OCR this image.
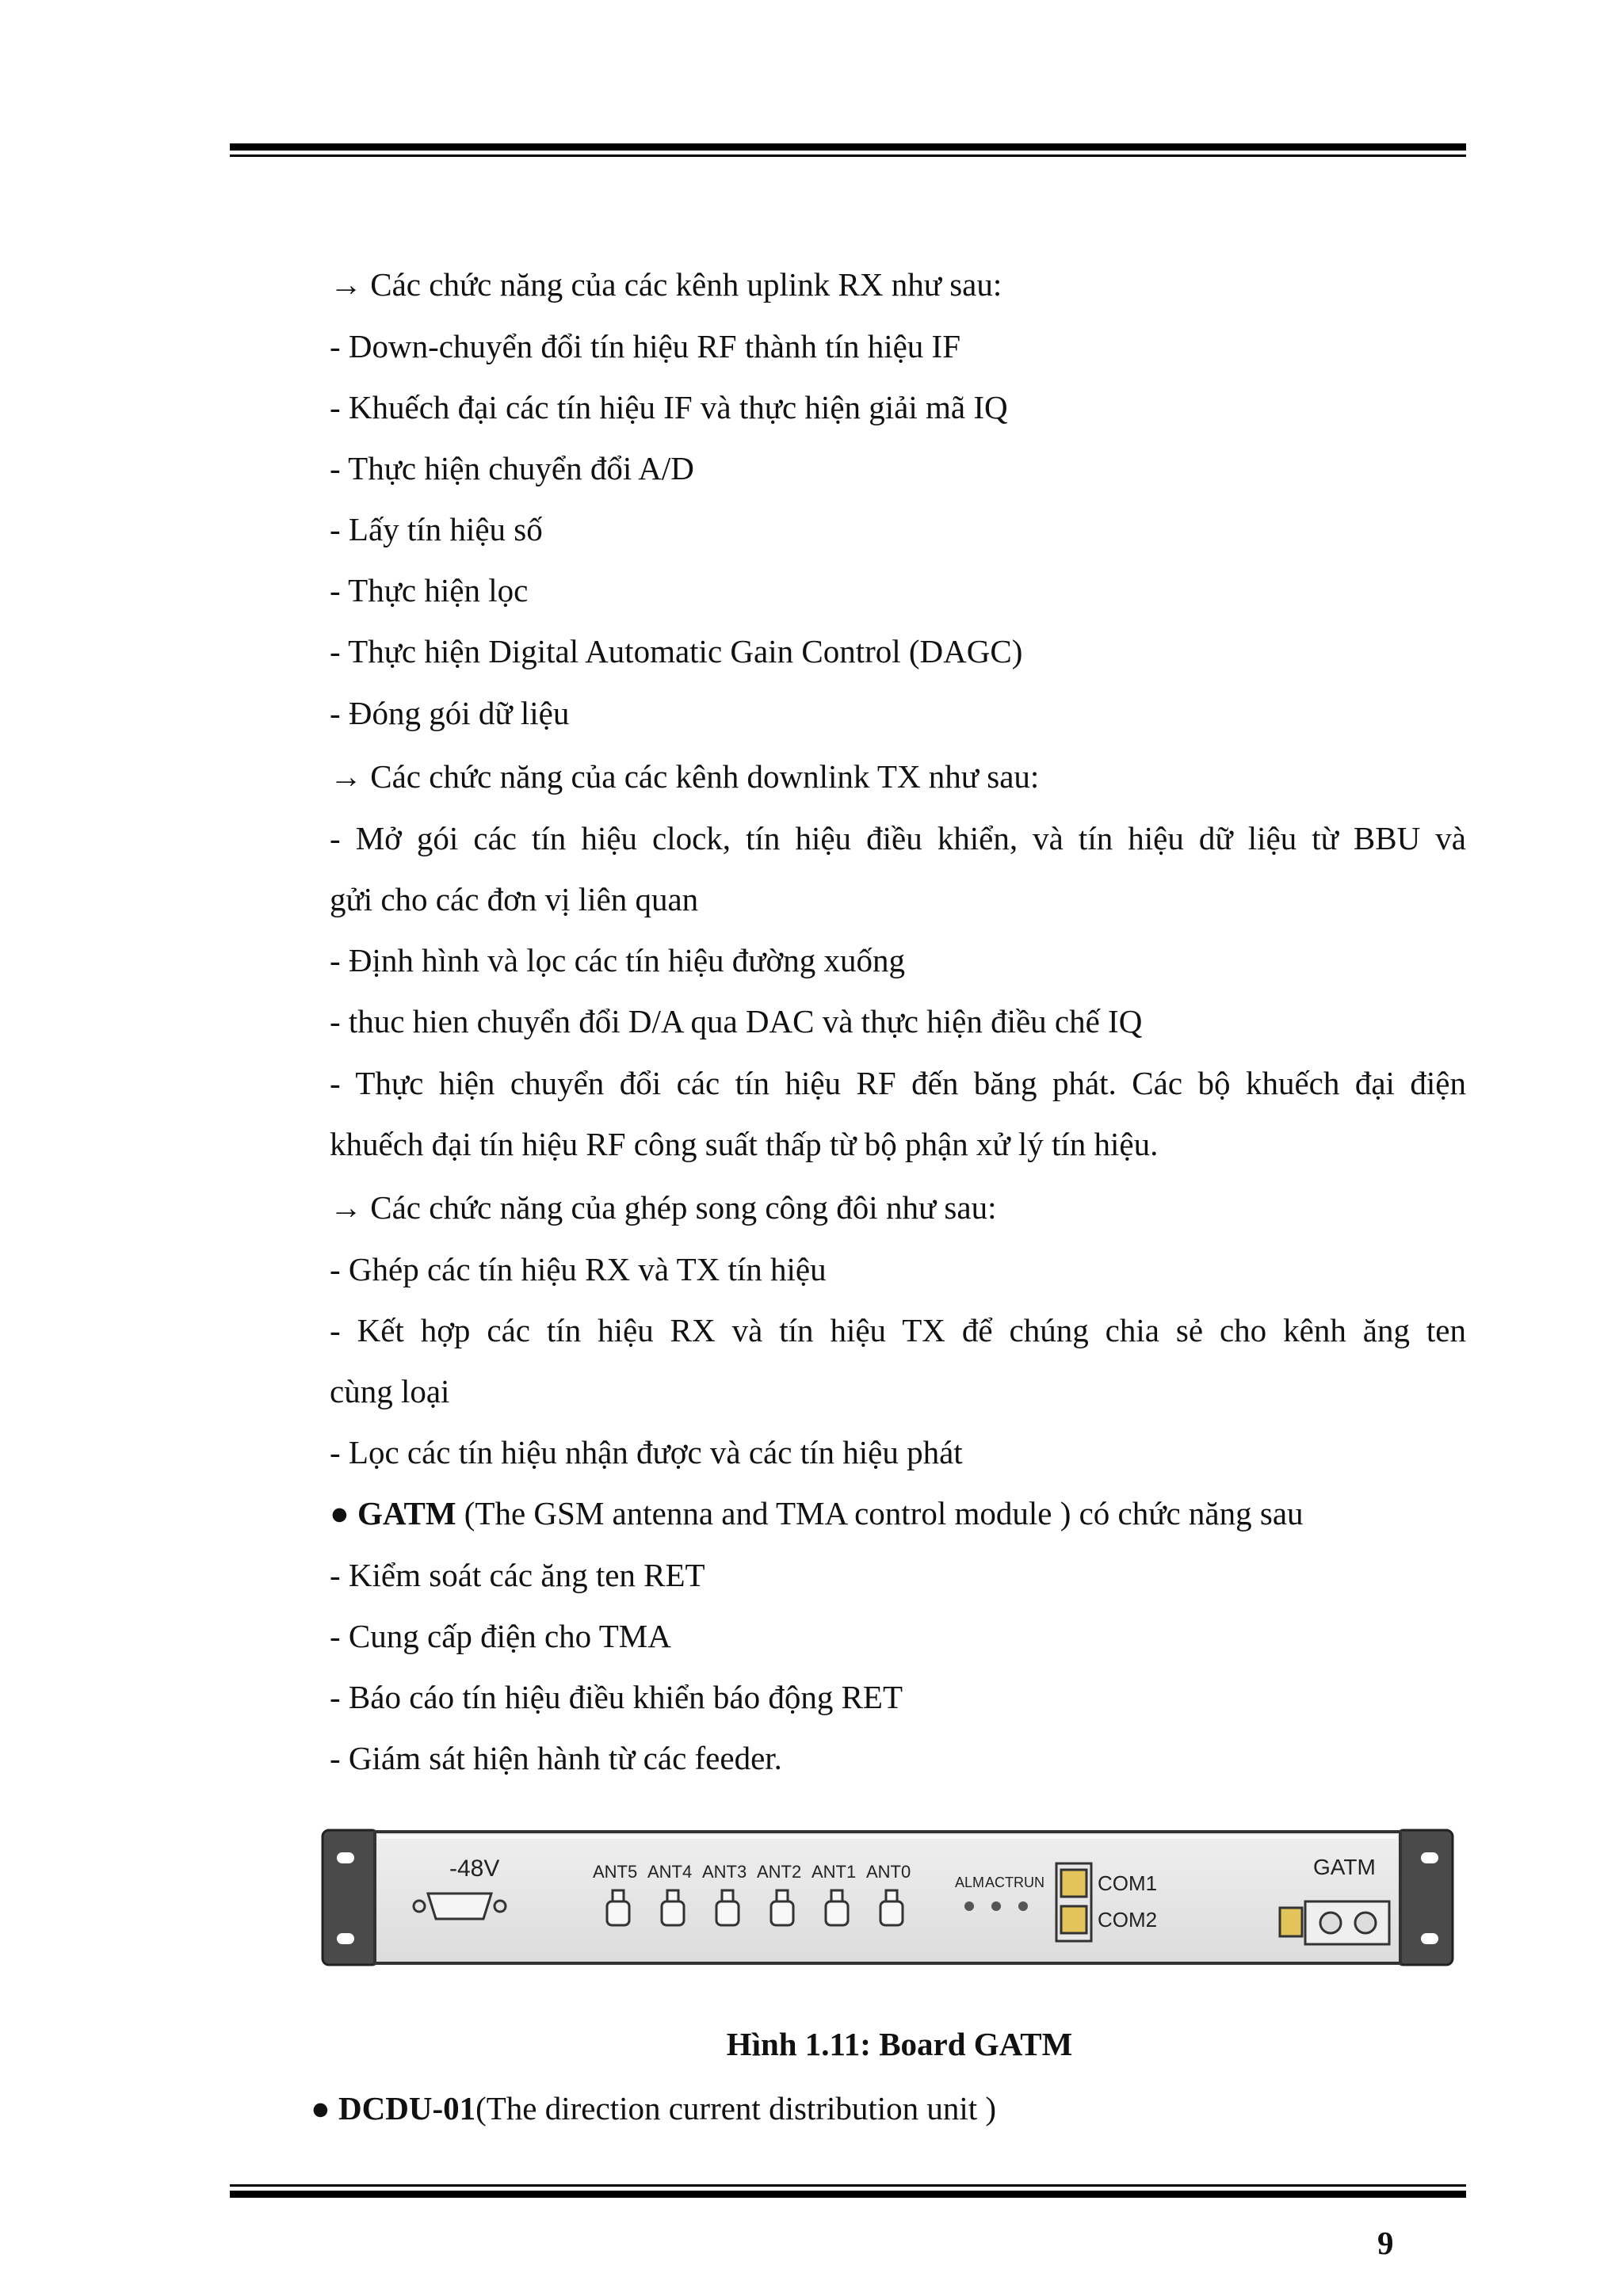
→ Các chức năng của các kênh uplink RX như sau:
- Down-chuyển đổi tín hiệu RF thành tín hiệu IF
- Khuếch đại các tín hiệu IF và thực hiện giải mã IQ
- Thực hiện chuyển đổi A/D
- Lấy tín hiệu số
- Thực hiện lọc
- Thực hiện Digital Automatic Gain Control (DAGC)
- Đóng gói dữ liệu
→ Các chức năng của các kênh downlink TX như sau:
- Mở gói các tín hiệu clock, tín hiệu điều khiển, và tín hiệu dữ liệu từ BBU và
gửi cho các đơn vị liên quan
- Định hình và lọc các tín hiệu đường xuống
- thuc hien chuyển đổi D/A qua DAC và thực hiện điều chế IQ
- Thực hiện chuyển đổi các tín hiệu RF đến băng phát. Các bộ khuếch đại điện
khuếch đại tín hiệu RF công suất thấp từ bộ phận xử lý tín hiệu.
→ Các chức năng của ghép song công đôi như sau:
- Ghép các tín hiệu RX và TX tín hiệu
- Kết hợp các tín hiệu RX và tín hiệu TX để chúng chia sẻ cho kênh ăng ten
cùng loại
- Lọc các tín hiệu nhận được và các tín hiệu phát
● GATM (The GSM antenna and TMA control module ) có chức năng sau
- Kiểm soát các ăng ten RET
- Cung cấp điện cho TMA
- Báo cáo tín hiệu điều khiển báo động RET
- Giám sát hiện hành từ các feeder.
-48V	ANT5 ANT4 ANT3 ANT2 ANT1 ANT0
ALM ACT RUN	COM1
COM2
GATM
Hình 1.11: Board GATM
● DCDU-01(The direction current distribution unit )
9
